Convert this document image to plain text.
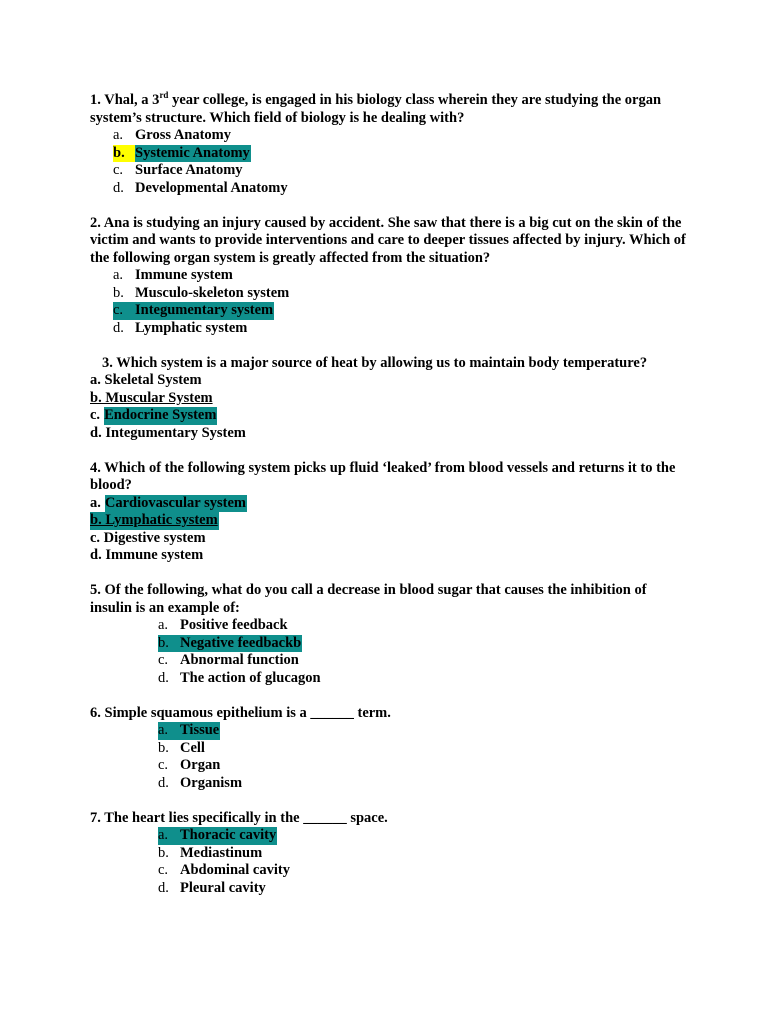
1. Vhal, a 3rd year college, is engaged in his biology class wherein they are studying the organ system’s structure. Which field of biology is he dealing with?

a. Gross Anatomy
b. Systemic Anatomy
c. Surface Anatomy
d. Developmental Anatomy

2. Ana is studying an injury caused by accident. She saw that there is a big cut on the skin of the victim and wants to provide interventions and care to deeper tissues affected by injury. Which of the following organ system is greatly affected from the situation?

a. Immune system
b. Musculo-skeleton system
c. Integumentary system
d. Lymphatic system

3. Which system is a major source of heat by allowing us to maintain body temperature?

a. Skeletal System
b. Muscular System
c. Endocrine System
d. Integumentary System

4. Which of the following system picks up fluid ‘leaked’ from blood vessels and returns it to the blood?

a. Cardiovascular system
b. Lymphatic system
c. Digestive system
d. Immune system

5. Of the following, what do you call a decrease in blood sugar that causes the inhibition of insulin is an example of:

a. Positive feedback
b. Negative feedbackb
c. Abnormal function
d. The action of glucagon

6. Simple squamous epithelium is a ______ term.

a. Tissue
b. Cell
c. Organ
d. Organism

7. The heart lies specifically in the ______ space.

a. Thoracic cavity
b. Mediastinum
c. Abdominal cavity
d. Pleural cavity
